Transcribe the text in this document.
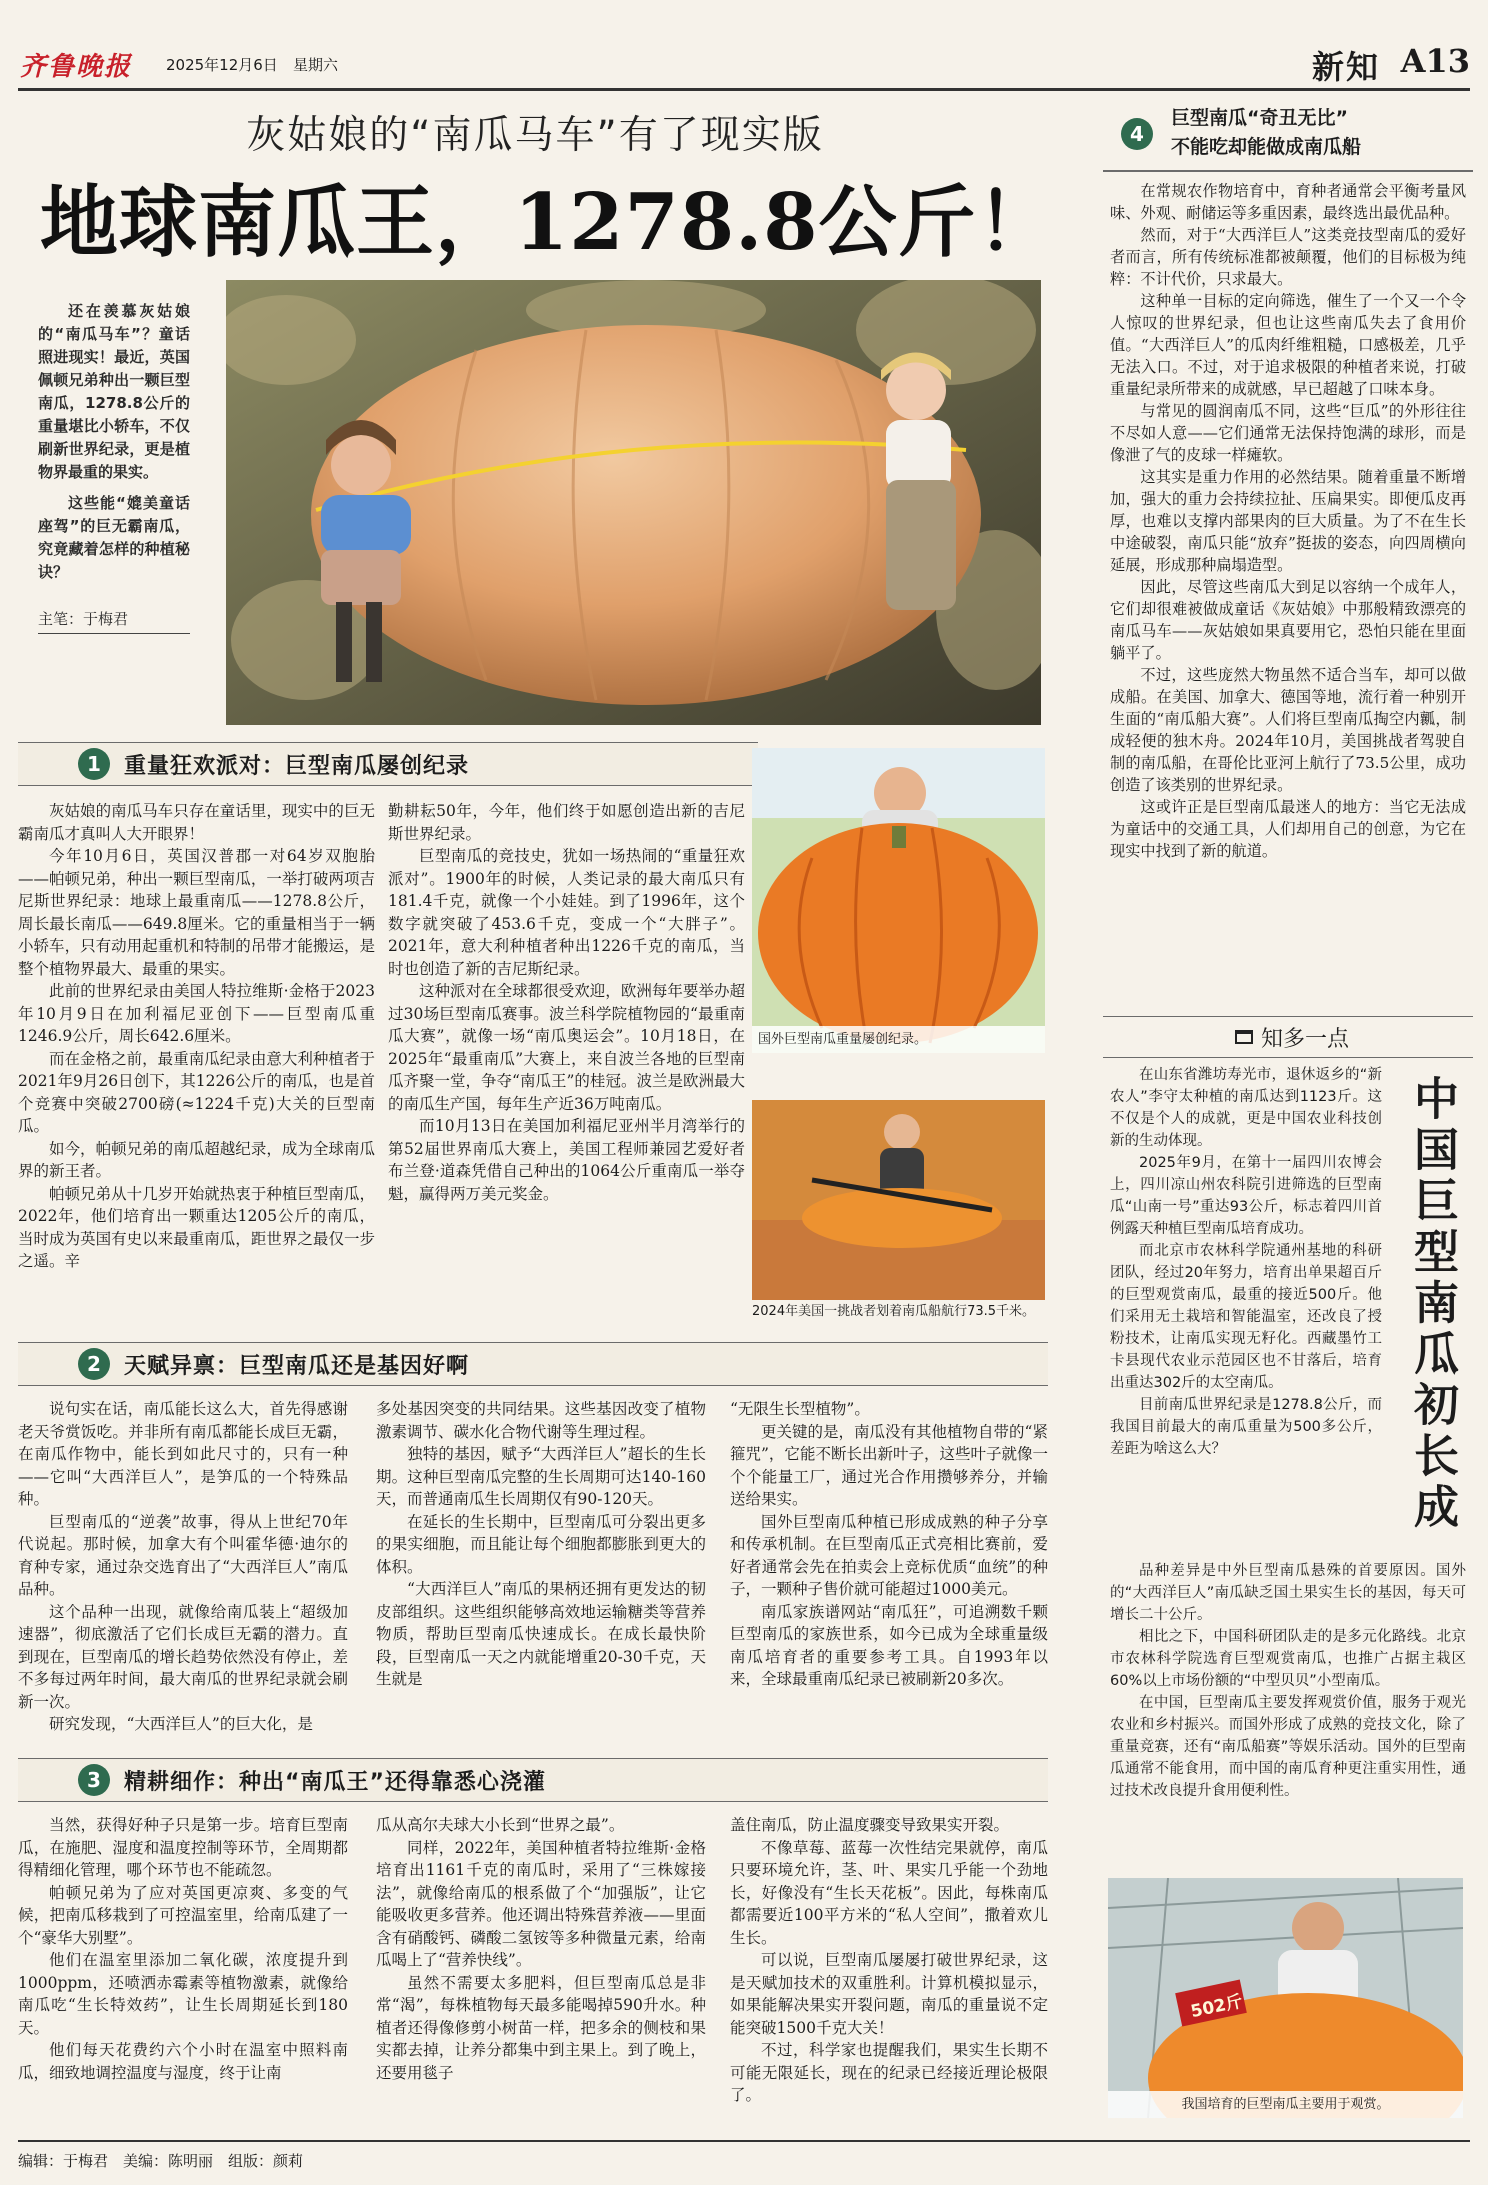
齐鲁晚报 2025年12月6日 星期六	新知 A13
灰姑娘的“南瓜马车”有了现实版
地球南瓜王，1278.8公斤！

还在羡慕灰姑娘的“南瓜马车”？童话照进现实！最近，英国佩顿兄弟种出一颗巨型南瓜，1278.8公斤的重量堪比小轿车，不仅刷新世界纪录，更是植物界最重的果实。

这些能“媲美童话座驾”的巨无霸南瓜，究竟藏着怎样的种植秘诀？

主笔：于梅君

1	重量狂欢派对：巨型南瓜屡创纪录

灰姑娘的南瓜马车只存在童话里，现实中的巨无霸南瓜才真叫人大开眼界！

今年10月6日，英国汉普郡一对64岁双胞胎——帕顿兄弟，种出一颗巨型南瓜，一举打破两项吉尼斯世界纪录：地球上最重南瓜——1278.8公斤，周长最长南瓜——649.8厘米。它的重量相当于一辆小轿车，只有动用起重机和特制的吊带才能搬运，是整个植物界最大、最重的果实。

此前的世界纪录由美国人特拉维斯·金格于2023年10月9日在加利福尼亚创下——巨型南瓜重1246.9公斤，周长642.6厘米。

而在金格之前，最重南瓜纪录由意大利种植者于2021年9月26日创下，其1226公斤的南瓜，也是首个竞赛中突破2700磅(≈1224千克)大关的巨型南瓜。

如今，帕顿兄弟的南瓜超越纪录，成为全球南瓜界的新王者。

帕顿兄弟从十几岁开始就热衷于种植巨型南瓜，2022年，他们培育出一颗重达1205公斤的南瓜，当时成为英国有史以来最重南瓜，距世界之最仅一步之遥。辛

勤耕耘50年，今年，他们终于如愿创造出新的吉尼斯世界纪录。

巨型南瓜的竞技史，犹如一场热闹的“重量狂欢派对”。1900年的时候，人类记录的最大南瓜只有181.4千克，就像一个小娃娃。到了1996年，这个数字就突破了453.6千克，变成一个“大胖子”。2021年，意大利种植者种出1226千克的南瓜，当时也创造了新的吉尼斯纪录。

这种派对在全球都很受欢迎，欧洲每年要举办超过30场巨型南瓜赛事。波兰科学院植物园的“最重南瓜大赛”，就像一场“南瓜奥运会”。10月18日，在2025年“最重南瓜”大赛上，来自波兰各地的巨型南瓜齐聚一堂，争夺“南瓜王”的桂冠。波兰是欧洲最大的南瓜生产国，每年生产近36万吨南瓜。

而10月13日在美国加利福尼亚州半月湾举行的第52届世界南瓜大赛上，美国工程师兼园艺爱好者布兰登·道森凭借自己种出的1064公斤重南瓜一举夺魁，赢得两万美元奖金。

国外巨型南瓜重量屡创纪录。
2024年美国一挑战者划着南瓜船航行73.5千米。
2	天赋异禀：巨型南瓜还是基因好啊

说句实在话，南瓜能长这么大，首先得感谢老天爷赏饭吃。并非所有南瓜都能长成巨无霸，在南瓜作物中，能长到如此尺寸的，只有一种——它叫“大西洋巨人”，是笋瓜的一个特殊品种。

巨型南瓜的“逆袭”故事，得从上世纪70年代说起。那时候，加拿大有个叫霍华德·迪尔的育种专家，通过杂交选育出了“大西洋巨人”南瓜品种。

这个品种一出现，就像给南瓜装上“超级加速器”，彻底激活了它们长成巨无霸的潜力。直到现在，巨型南瓜的增长趋势依然没有停止，差不多每过两年时间，最大南瓜的世界纪录就会刷新一次。

研究发现，“大西洋巨人”的巨大化，是

多处基因突变的共同结果。这些基因改变了植物激素调节、碳水化合物代谢等生理过程。

独特的基因，赋予“大西洋巨人”超长的生长期。这种巨型南瓜完整的生长周期可达140-160天，而普通南瓜生长周期仅有90-120天。

在延长的生长期中，巨型南瓜可分裂出更多的果实细胞，而且能让每个细胞都膨胀到更大的体积。

“大西洋巨人”南瓜的果柄还拥有更发达的韧皮部组织。这些组织能够高效地运输糖类等营养物质，帮助巨型南瓜快速成长。在成长最快阶段，巨型南瓜一天之内就能增重20-30千克，天生就是

“无限生长型植物”。

更关键的是，南瓜没有其他植物自带的“紧箍咒”，它能不断长出新叶子，这些叶子就像一个个能量工厂，通过光合作用攒够养分，并输送给果实。

国外巨型南瓜种植已形成成熟的种子分享和传承机制。在巨型南瓜正式亮相比赛前，爱好者通常会先在拍卖会上竞标优质“血统”的种子，一颗种子售价就可能超过1000美元。

南瓜家族谱网站“南瓜狂”，可追溯数千颗巨型南瓜的家族世系，如今已成为全球重量级南瓜培育者的重要参考工具。自1993年以来，全球最重南瓜纪录已被刷新20多次。

3	精耕细作：种出“南瓜王”还得靠悉心浇灌

当然，获得好种子只是第一步。培育巨型南瓜，在施肥、湿度和温度控制等环节，全周期都得精细化管理，哪个环节也不能疏忽。

帕顿兄弟为了应对英国更凉爽、多变的气候，把南瓜移栽到了可控温室里，给南瓜建了一个“豪华大别墅”。

他们在温室里添加二氧化碳，浓度提升到1000ppm，还喷洒赤霉素等植物激素，就像给南瓜吃“生长特效药”，让生长周期延长到180天。

他们每天花费约六个小时在温室中照料南瓜，细致地调控温度与湿度，终于让南

瓜从高尔夫球大小长到“世界之最”。

同样，2022年，美国种植者特拉维斯·金格培育出1161千克的南瓜时，采用了“三株嫁接法”，就像给南瓜的根系做了个“加强版”，让它能吸收更多营养。他还调出特殊营养液——里面含有硝酸钙、磷酸二氢铵等多种微量元素，给南瓜喝上了“营养快线”。

虽然不需要太多肥料，但巨型南瓜总是非常“渴”，每株植物每天最多能喝掉590升水。种植者还得像修剪小树苗一样，把多余的侧枝和果实都去掉，让养分都集中到主果上。到了晚上，还要用毯子

盖住南瓜，防止温度骤变导致果实开裂。

不像草莓、蓝莓一次性结完果就停，南瓜只要环境允许，茎、叶、果实几乎能一个劲地长，好像没有“生长天花板”。因此，每株南瓜都需要近100平方米的“私人空间”，撒着欢儿生长。

可以说，巨型南瓜屡屡打破世界纪录，这是天赋加技术的双重胜利。计算机模拟显示，如果能解决果实开裂问题，南瓜的重量说不定能突破1500千克大关！

不过，科学家也提醒我们，果实生长期不可能无限延长，现在的纪录已经接近理论极限了。

4
巨型南瓜“奇丑无比”
不能吃却能做成南瓜船

在常规农作物培育中，育种者通常会平衡考量风味、外观、耐储运等多重因素，最终选出最优品种。

然而，对于“大西洋巨人”这类竞技型南瓜的爱好者而言，所有传统标准都被颠覆，他们的目标极为纯粹：不计代价，只求最大。

这种单一目标的定向筛选，催生了一个又一个令人惊叹的世界纪录，但也让这些南瓜失去了食用价值。“大西洋巨人”的瓜肉纤维粗糙，口感极差，几乎无法入口。不过，对于追求极限的种植者来说，打破重量纪录所带来的成就感，早已超越了口味本身。

与常见的圆润南瓜不同，这些“巨瓜”的外形往往不尽如人意——它们通常无法保持饱满的球形，而是像泄了气的皮球一样瘫软。

这其实是重力作用的必然结果。随着重量不断增加，强大的重力会持续拉扯、压扁果实。即便瓜皮再厚，也难以支撑内部果肉的巨大质量。为了不在生长中途破裂，南瓜只能“放弃”挺拔的姿态，向四周横向延展，形成那种扁塌造型。

因此，尽管这些南瓜大到足以容纳一个成年人，它们却很难被做成童话《灰姑娘》中那般精致漂亮的南瓜马车——灰姑娘如果真要用它，恐怕只能在里面躺平了。

不过，这些庞然大物虽然不适合当车，却可以做成船。在美国、加拿大、德国等地，流行着一种别开生面的“南瓜船大赛”。人们将巨型南瓜掏空内瓤，制成轻便的独木舟。2024年10月，美国挑战者驾驶自制的南瓜船，在哥伦比亚河上航行了73.5公里，成功创造了该类别的世界纪录。

这或许正是巨型南瓜最迷人的地方：当它无法成为童话中的交通工具，人们却用自己的创意，为它在现实中找到了新的航道。

知多一点
中国巨型南瓜初长成

在山东省潍坊寿光市，退休返乡的“新农人”李守太种植的南瓜达到1123斤。这不仅是个人的成就，更是中国农业科技创新的生动体现。

2025年9月，在第十一届四川农博会上，四川凉山州农科院引进筛选的巨型南瓜“山南一号”重达93公斤，标志着四川首例露天种植巨型南瓜培育成功。

而北京市农林科学院通州基地的科研团队，经过20年努力，培育出单果超百斤的巨型观赏南瓜，最重的接近500斤。他们采用无土栽培和智能温室，还改良了授粉技术，让南瓜实现无籽化。西藏墨竹工卡县现代农业示范园区也不甘落后，培育出重达302斤的太空南瓜。

目前南瓜世界纪录是1278.8公斤，而我国目前最大的南瓜重量为500多公斤，差距为啥这么大？

品种差异是中外巨型南瓜悬殊的首要原因。国外的“大西洋巨人”南瓜缺乏国土果实生长的基因，每天可增长二十公斤。

相比之下，中国科研团队走的是多元化路线。北京市农林科学院选育巨型观赏南瓜，也推广占据主栽区60%以上市场份额的“中型贝贝”小型南瓜。

在中国，巨型南瓜主要发挥观赏价值，服务于观光农业和乡村振兴。而国外形成了成熟的竞技文化，除了重量竞赛，还有“南瓜船赛”等娱乐活动。国外的巨型南瓜通常不能食用，而中国的南瓜育种更注重实用性，通过技术改良提升食用便利性。

502斤
我国培育的巨型南瓜主要用于观赏。
编辑：于梅君　美编：陈明丽　组版：颜莉
